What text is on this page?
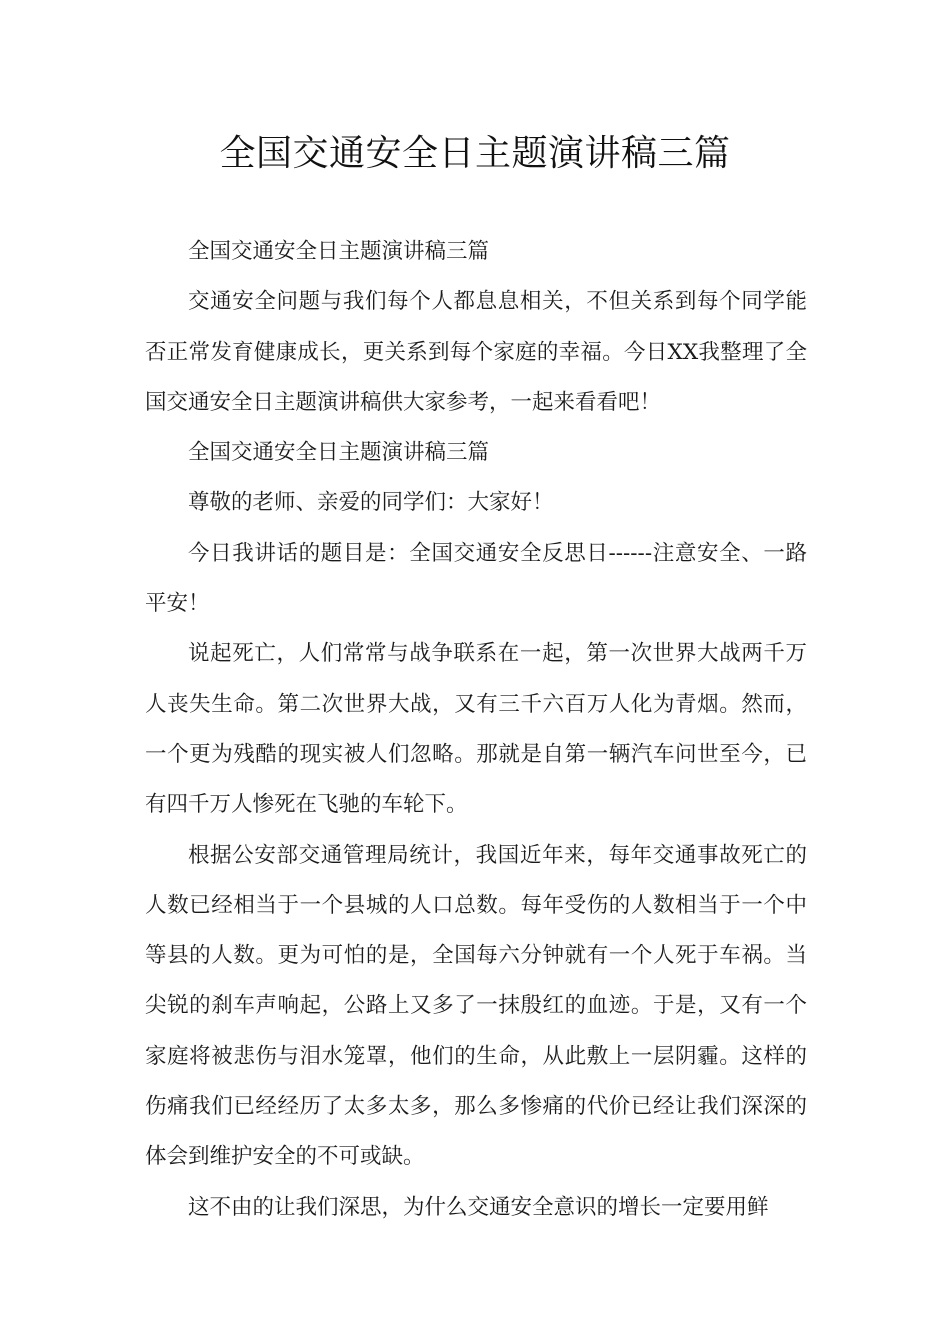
全国交通安全日主题演讲稿三篇

全国交通安全日主题演讲稿三篇

交通安全问题与我们每个人都息息相关，不但关系到每个同学能否正常发育健康成长，更关系到每个家庭的幸福。今日XX我整理了全国交通安全日主题演讲稿供大家参考，一起来看看吧！

全国交通安全日主题演讲稿三篇

尊敬的老师、亲爱的同学们：大家好！

今日我讲话的题目是：全国交通安全反思日------注意安全、一路平安！

说起死亡，人们常常与战争联系在一起，第一次世界大战两千万人丧失生命。第二次世界大战，又有三千六百万人化为青烟。然而，一个更为残酷的现实被人们忽略。那就是自第一辆汽车问世至今，已有四千万人惨死在飞驰的车轮下。

根据公安部交通管理局统计，我国近年来，每年交通事故死亡的人数已经相当于一个县城的人口总数。每年受伤的人数相当于一个中等县的人数。更为可怕的是，全国每六分钟就有一个人死于车祸。当尖锐的刹车声响起，公路上又多了一抹殷红的血迹。于是，又有一个家庭将被悲伤与泪水笼罩，他们的生命，从此敷上一层阴霾。这样的伤痛我们已经经历了太多太多，那么多惨痛的代价已经让我们深深的体会到维护安全的不可或缺。

这不由的让我们深思，为什么交通安全意识的增长一定要用鲜
